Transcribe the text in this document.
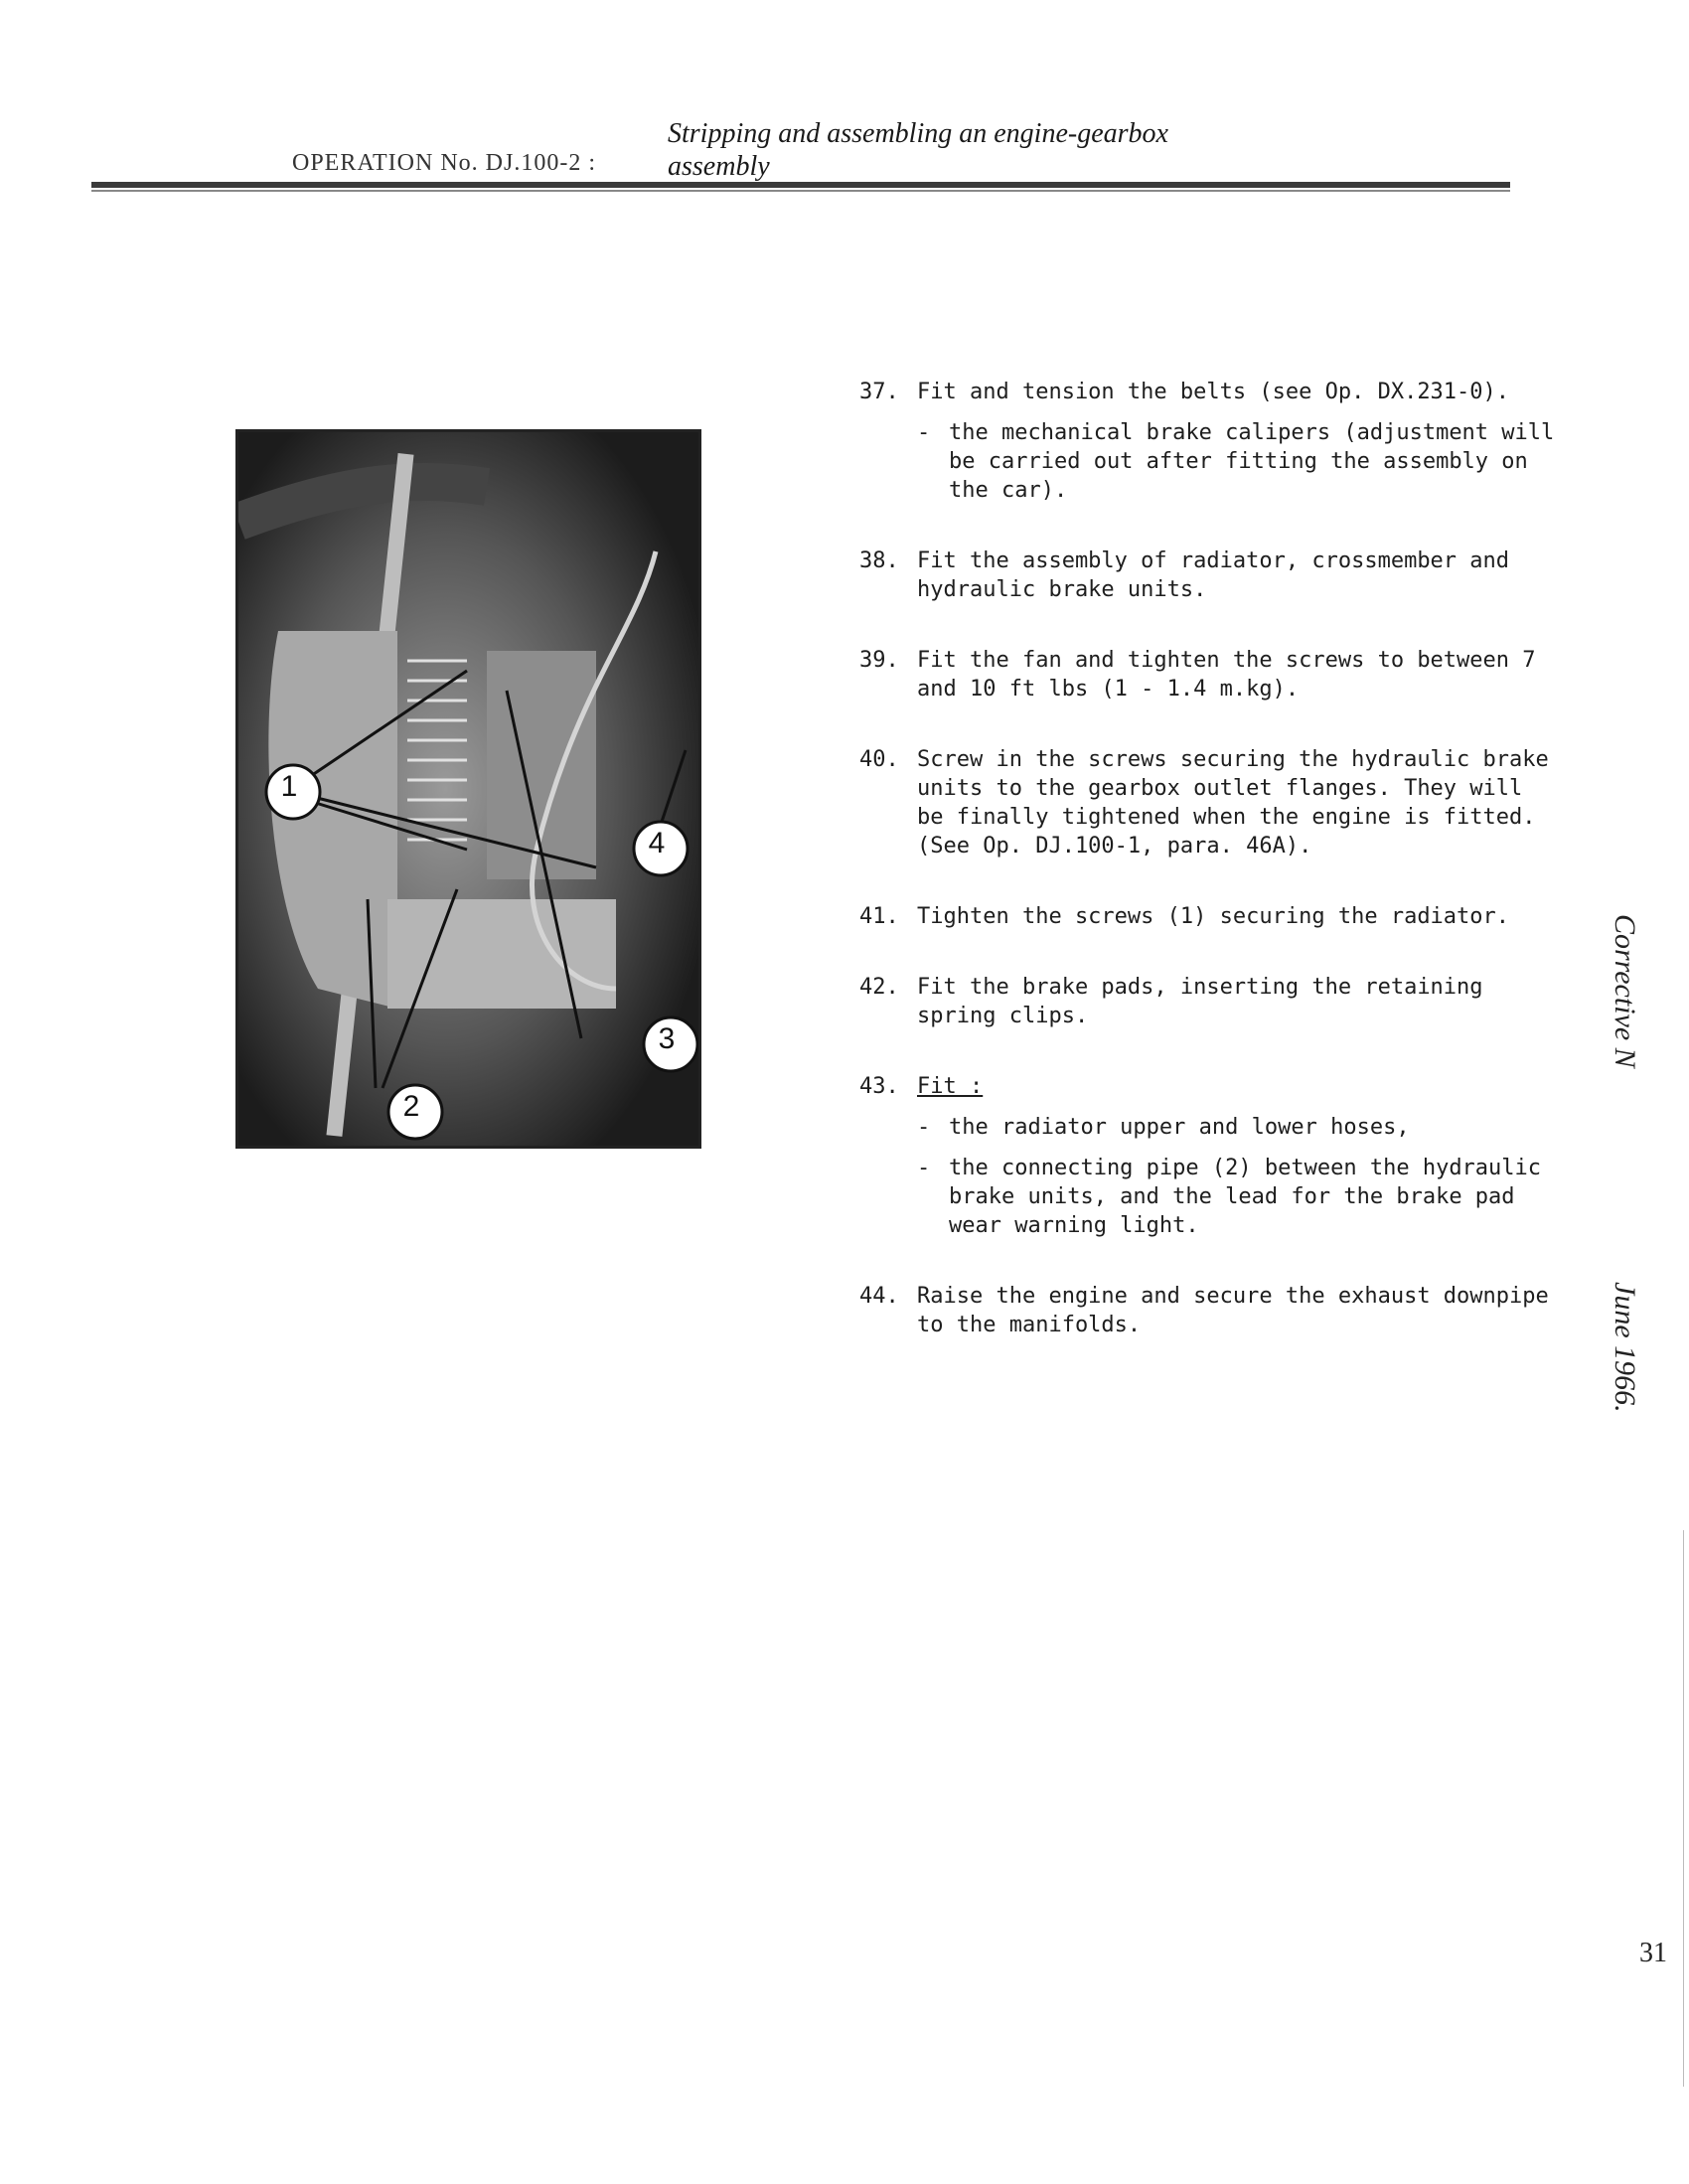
Stripping and assembling an engine-gearbox
assembly
OPERATION No. DJ.100-2 :
1
2
3
4
37. Fit and tension the belts (see Op. DX.231-0).
- the mechanical brake calipers (adjustment will be carried out after fitting the assembly on the car).
38. Fit the assembly of radiator, crossmember and hydraulic brake units.
39. Fit the fan and tighten the screws to between 7 and 10 ft lbs (1 - 1.4 m.kg).
40. Screw in the screws securing the hydraulic brake units to the gearbox outlet flanges. They will be finally tightened when the engine is fitted. (See Op. DJ.100-1, para. 46A).
41. Tighten the screws (1) securing the radiator.
42. Fit the brake pads, inserting the retaining spring clips.
43. Fit :
- the radiator upper and lower hoses,
- the connecting pipe (2) between the hydraulic brake units, and the lead for the brake pad wear warning light.
44. Raise the engine and secure the exhaust downpipe to the manifolds.
Corrective N
June 1966.
31
